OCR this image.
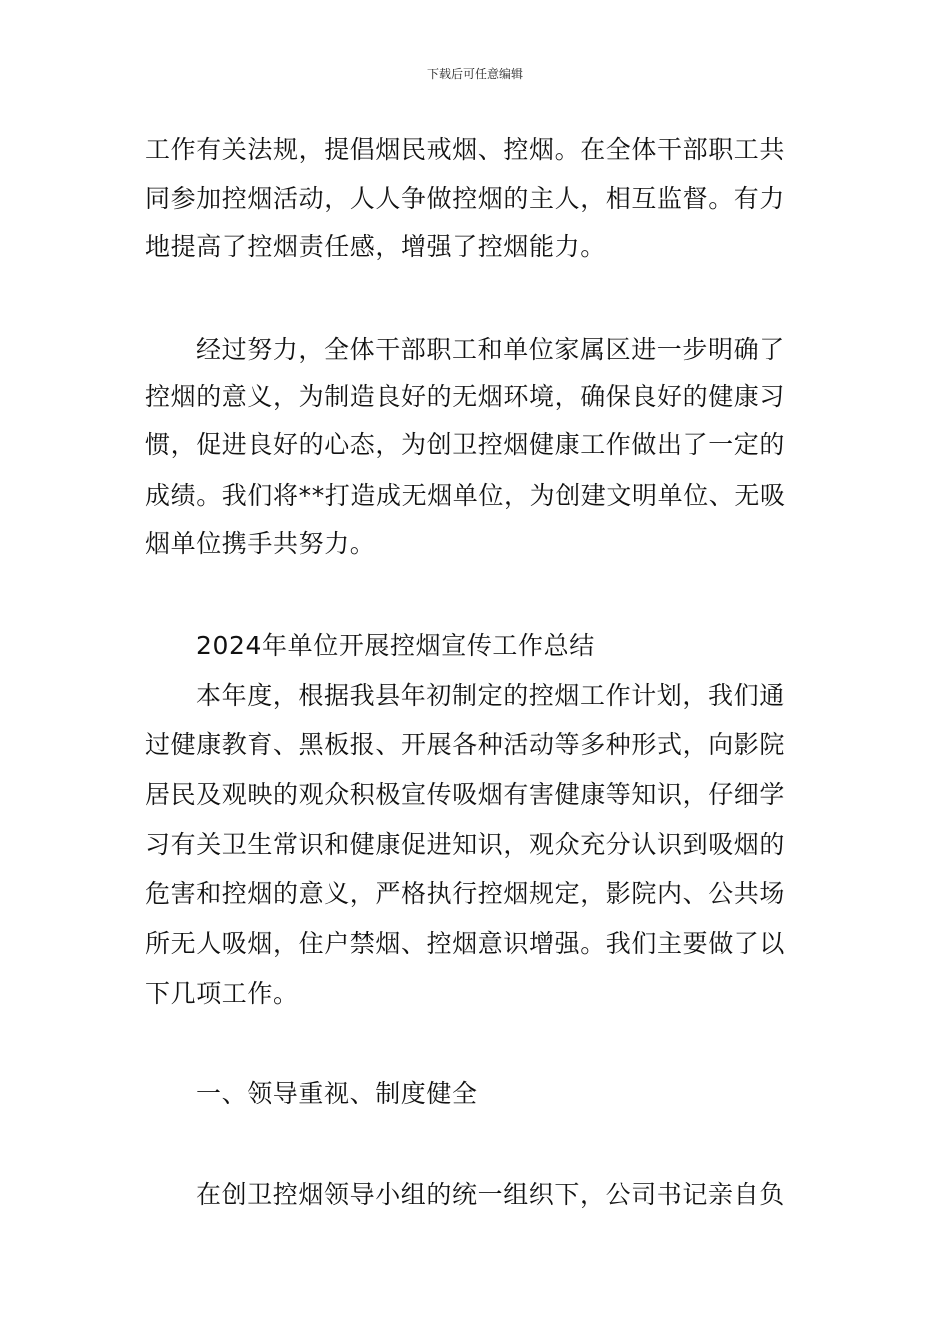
下载后可任意编辑
工作有关法规，提倡烟民戒烟、控烟。在全体干部职工共
同参加控烟活动，人人争做控烟的主人，相互监督。有力
地提高了控烟责任感，增强了控烟能力。
经过努力，全体干部职工和单位家属区进一步明确了
控烟的意义，为制造良好的无烟环境，确保良好的健康习
惯，促进良好的心态，为创卫控烟健康工作做出了一定的
成绩。我们将**打造成无烟单位，为创建文明单位、无吸
烟单位携手共努力。
2024年单位开展控烟宣传工作总结
本年度，根据我县年初制定的控烟工作计划，我们通
过健康教育、黑板报、开展各种活动等多种形式，向影院
居民及观映的观众积极宣传吸烟有害健康等知识，仔细学
习有关卫生常识和健康促进知识，观众充分认识到吸烟的
危害和控烟的意义，严格执行控烟规定，影院内、公共场
所无人吸烟，住户禁烟、控烟意识增强。我们主要做了以
下几项工作。
一、领导重视、制度健全
在创卫控烟领导小组的统一组织下，公司书记亲自负
